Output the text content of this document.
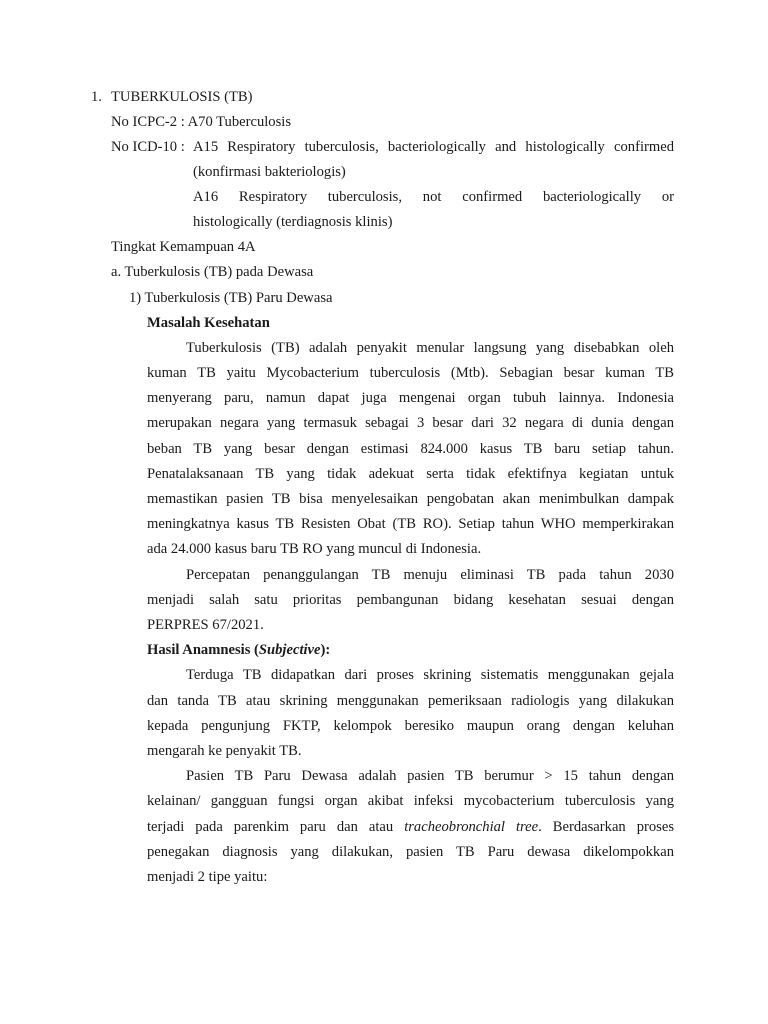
1. TUBERKULOSIS (TB)
No ICPC-2 : A70 Tuberculosis
No ICD-10 : A15 Respiratory tuberculosis, bacteriologically and histologically confirmed
(konfirmasi bakteriologis)
A16 Respiratory tuberculosis, not confirmed bacteriologically or
histologically (terdiagnosis klinis)
Tingkat Kemampuan 4A
a. Tuberkulosis (TB) pada Dewasa
1) Tuberkulosis (TB) Paru Dewasa
Masalah Kesehatan
Tuberkulosis (TB) adalah penyakit menular langsung yang disebabkan oleh
kuman TB yaitu Mycobacterium tuberculosis (Mtb). Sebagian besar kuman TB
menyerang paru, namun dapat juga mengenai organ tubuh lainnya. Indonesia
merupakan negara yang termasuk sebagai 3 besar dari 32 negara di dunia dengan
beban TB yang besar dengan estimasi 824.000 kasus TB baru setiap tahun.
Penatalaksanaan TB yang tidak adekuat serta tidak efektifnya kegiatan untuk
memastikan pasien TB bisa menyelesaikan pengobatan akan menimbulkan dampak
meningkatnya kasus TB Resisten Obat (TB RO). Setiap tahun WHO memperkirakan
ada 24.000 kasus baru TB RO yang muncul di Indonesia.
Percepatan penanggulangan TB menuju eliminasi TB pada tahun 2030
menjadi salah satu prioritas pembangunan bidang kesehatan sesuai dengan
PERPRES 67/2021.
Hasil Anamnesis (Subjective):
Terduga TB didapatkan dari proses skrining sistematis menggunakan gejala
dan tanda TB atau skrining menggunakan pemeriksaan radiologis yang dilakukan
kepada pengunjung FKTP, kelompok beresiko maupun orang dengan keluhan
mengarah ke penyakit TB.
Pasien TB Paru Dewasa adalah pasien TB berumur > 15 tahun dengan
kelainan/ gangguan fungsi organ akibat infeksi mycobacterium tuberculosis yang
terjadi pada parenkim paru dan atau tracheobronchial tree. Berdasarkan proses
penegakan diagnosis yang dilakukan, pasien TB Paru dewasa dikelompokkan
menjadi 2 tipe yaitu:
